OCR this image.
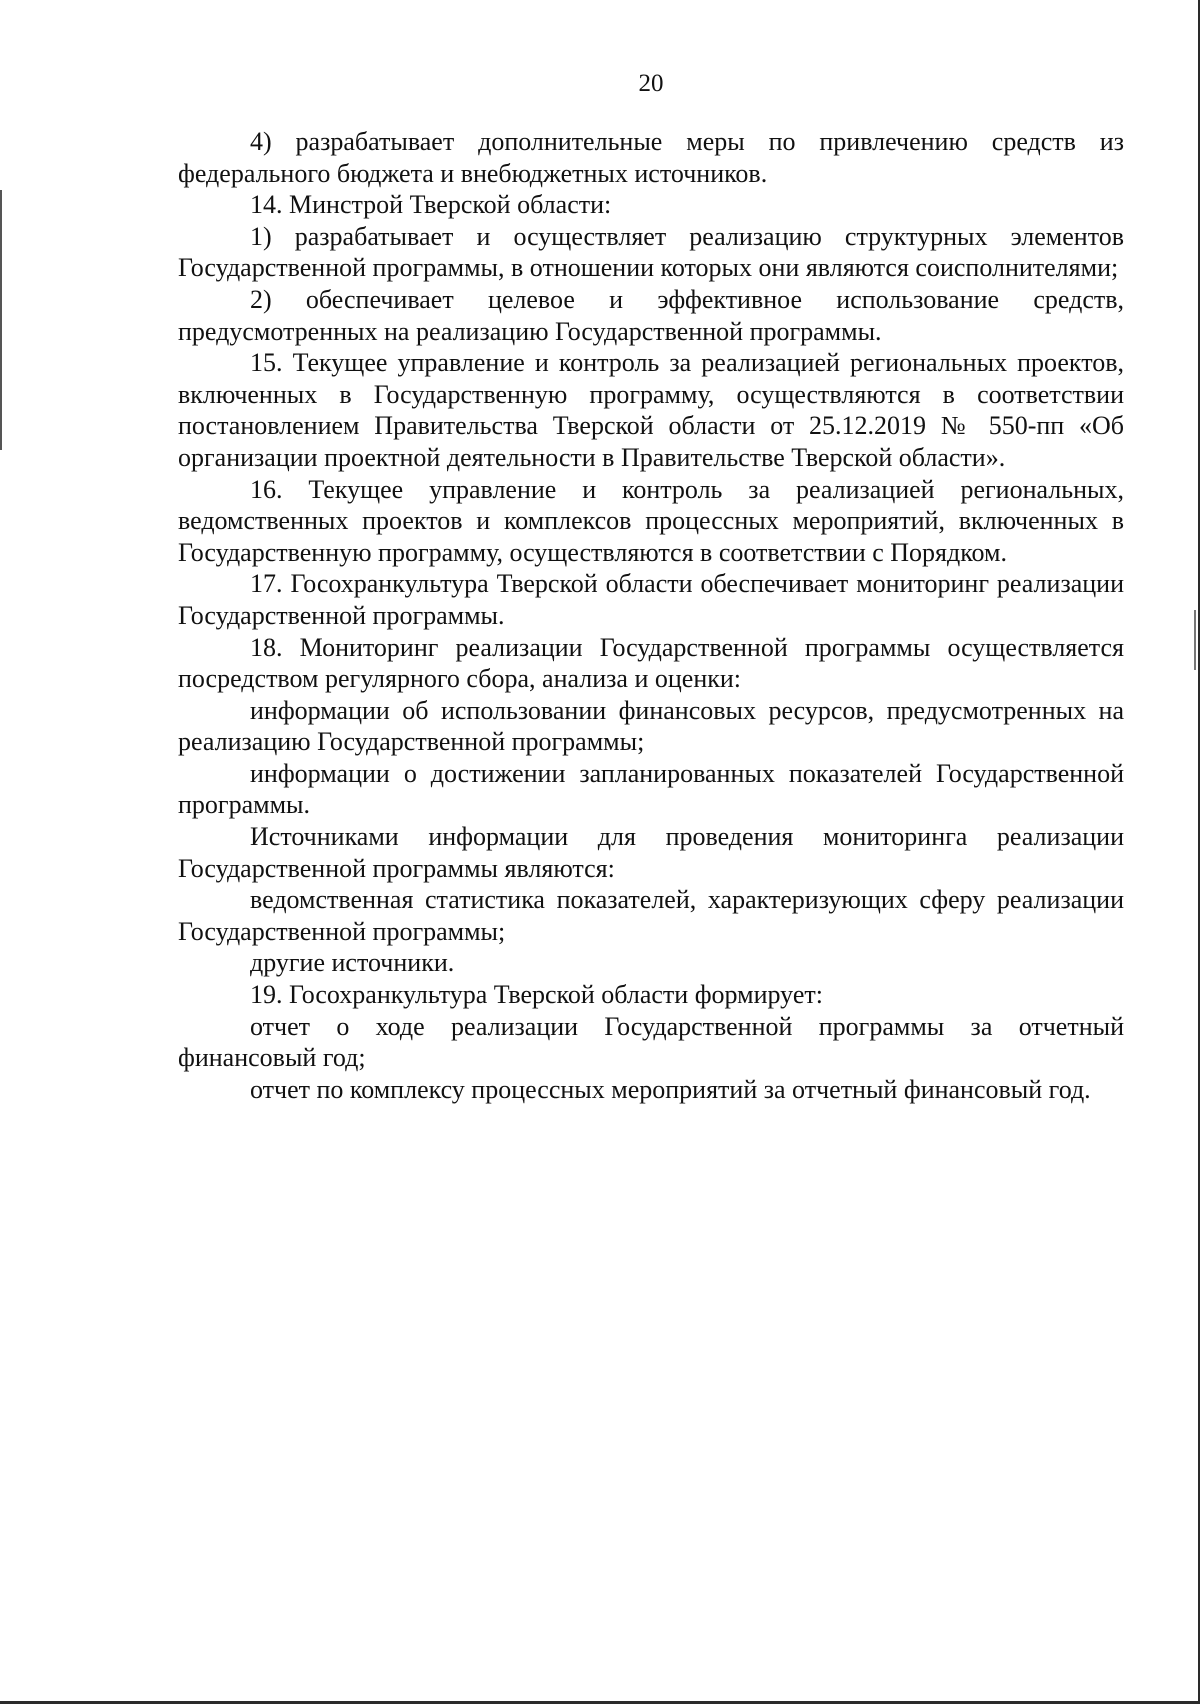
20

4) разрабатывает дополнительные меры по привлечению средств из федерального бюджета и внебюджетных источников.

14. Минстрой Тверской области:

1) разрабатывает и осуществляет реализацию структурных элементов Государственной программы, в отношении которых они являются соисполнителями;

2) обеспечивает целевое и эффективное использование средств, предусмотренных на реализацию Государственной программы.

15. Текущее управление и контроль за реализацией региональных проектов, включенных в Государственную программу, осуществляются в соответствии постановлением Правительства Тверской области от 25.12.2019 № 550-пп «Об организации проектной деятельности в Правительстве Тверской области».

16. Текущее управление и контроль за реализацией региональных, ведомственных проектов и комплексов процессных мероприятий, включенных в Государственную программу, осуществляются в соответствии с Порядком.

17. Госохранкультура Тверской области обеспечивает мониторинг реализации Государственной программы.

18. Мониторинг реализации Государственной программы осуществляется посредством регулярного сбора, анализа и оценки:

информации об использовании финансовых ресурсов, предусмотренных на реализацию Государственной программы;

информации о достижении запланированных показателей Государственной программы.

Источниками информации для проведения мониторинга реализации Государственной программы являются:

ведомственная статистика показателей, характеризующих сферу реализации Государственной программы;

другие источники.

19. Госохранкультура Тверской области формирует:

отчет о ходе реализации Государственной программы за отчетный финансовый год;

отчет по комплексу процессных мероприятий за отчетный финансовый год.
